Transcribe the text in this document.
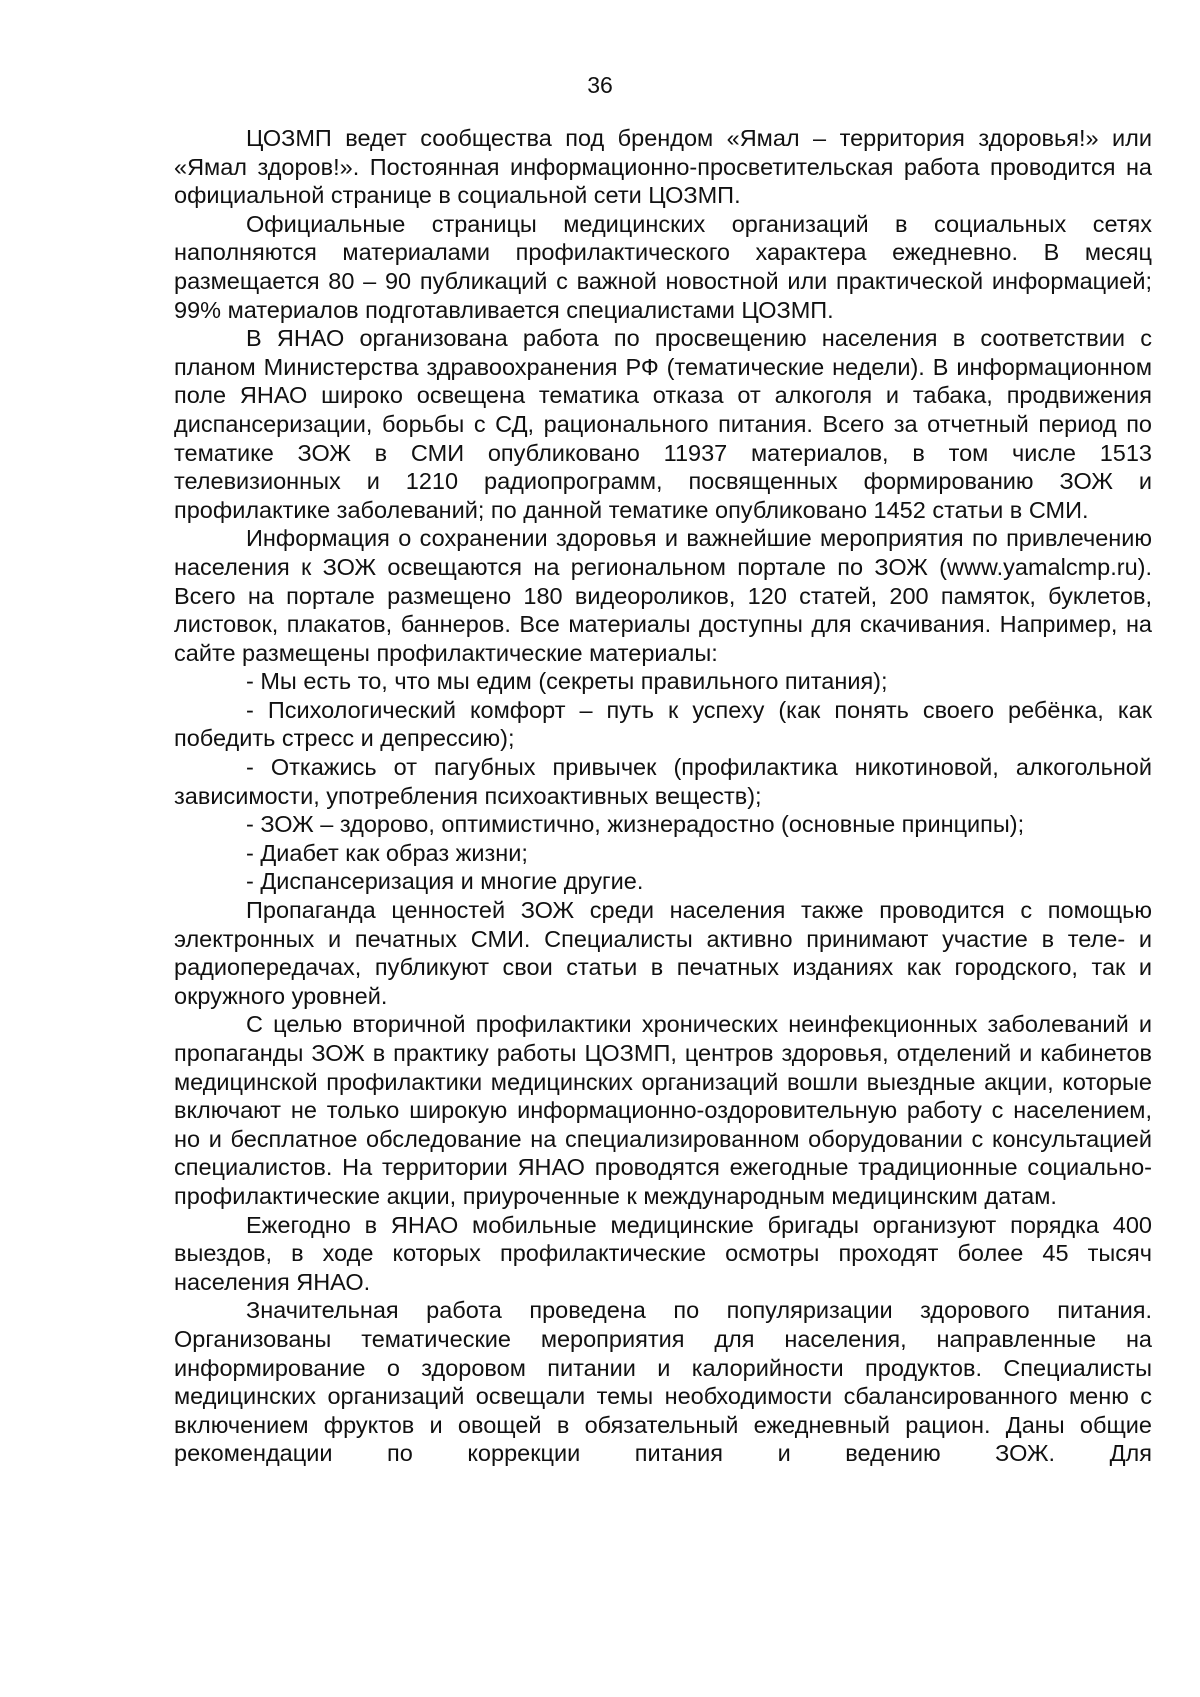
36

ЦОЗМП ведет сообщества под брендом «Ямал – территория здоровья!» или «Ямал здоров!». Постоянная информационно-просветительская работа проводится на официальной странице в социальной сети ЦОЗМП.

Официальные страницы медицинских организаций в социальных сетях наполняются материалами профилактического характера ежедневно. В месяц размещается 80 – 90 публикаций с важной новостной или практической информацией; 99% материалов подготавливается специалистами ЦОЗМП.

В ЯНАО организована работа по просвещению населения в соответствии с планом Министерства здравоохранения РФ (тематические недели). В информационном поле ЯНАО широко освещена тематика отказа от алкоголя и табака, продвижения диспансеризации, борьбы с СД, рационального питания. Всего за отчетный период по тематике ЗОЖ в СМИ опубликовано 11937 материалов, в том числе 1513 телевизионных и 1210 радиопрограмм, посвященных формированию ЗОЖ и профилактике заболеваний; по данной тематике опубликовано 1452 статьи в СМИ.

Информация о сохранении здоровья и важнейшие мероприятия по привлечению населения к ЗОЖ освещаются на региональном портале по ЗОЖ (www.yamalcmp.ru). Всего на портале размещено 180 видеороликов, 120 статей, 200 памяток, буклетов, листовок, плакатов, баннеров. Все материалы доступны для скачивания. Например, на сайте размещены профилактические материалы:

- Мы есть то, что мы едим (секреты правильного питания);

- Психологический комфорт – путь к успеху (как понять своего ребёнка, как победить стресс и депрессию);

- Откажись от пагубных привычек (профилактика никотиновой, алкогольной зависимости, употребления психоактивных веществ);

- ЗОЖ – здорово, оптимистично, жизнерадостно (основные принципы);

- Диабет как образ жизни;

- Диспансеризация и многие другие.

Пропаганда ценностей ЗОЖ среди населения также проводится с помощью электронных и печатных СМИ. Специалисты активно принимают участие в теле- и радиопередачах, публикуют свои статьи в печатных изданиях как городского, так и окружного уровней.

С целью вторичной профилактики хронических неинфекционных заболеваний и пропаганды ЗОЖ в практику работы ЦОЗМП, центров здоровья, отделений и кабинетов медицинской профилактики медицинских организаций вошли выездные акции, которые включают не только широкую информационно-оздоровительную работу с населением, но и бесплатное обследование на специализированном оборудовании с консультацией специалистов. На территории ЯНАО проводятся ежегодные традиционные социально-профилактические акции, приуроченные к международным медицинским датам.

Ежегодно в ЯНАО мобильные медицинские бригады организуют порядка 400 выездов, в ходе которых профилактические осмотры проходят более 45 тысяч населения ЯНАО.

Значительная работа проведена по популяризации здорового питания. Организованы тематические мероприятия для населения, направленные на информирование о здоровом питании и калорийности продуктов. Специалисты медицинских организаций освещали темы необходимости сбалансированного меню с включением фруктов и овощей в обязательный ежедневный рацион. Даны общие рекомендации по коррекции питания и ведению ЗОЖ. Для
